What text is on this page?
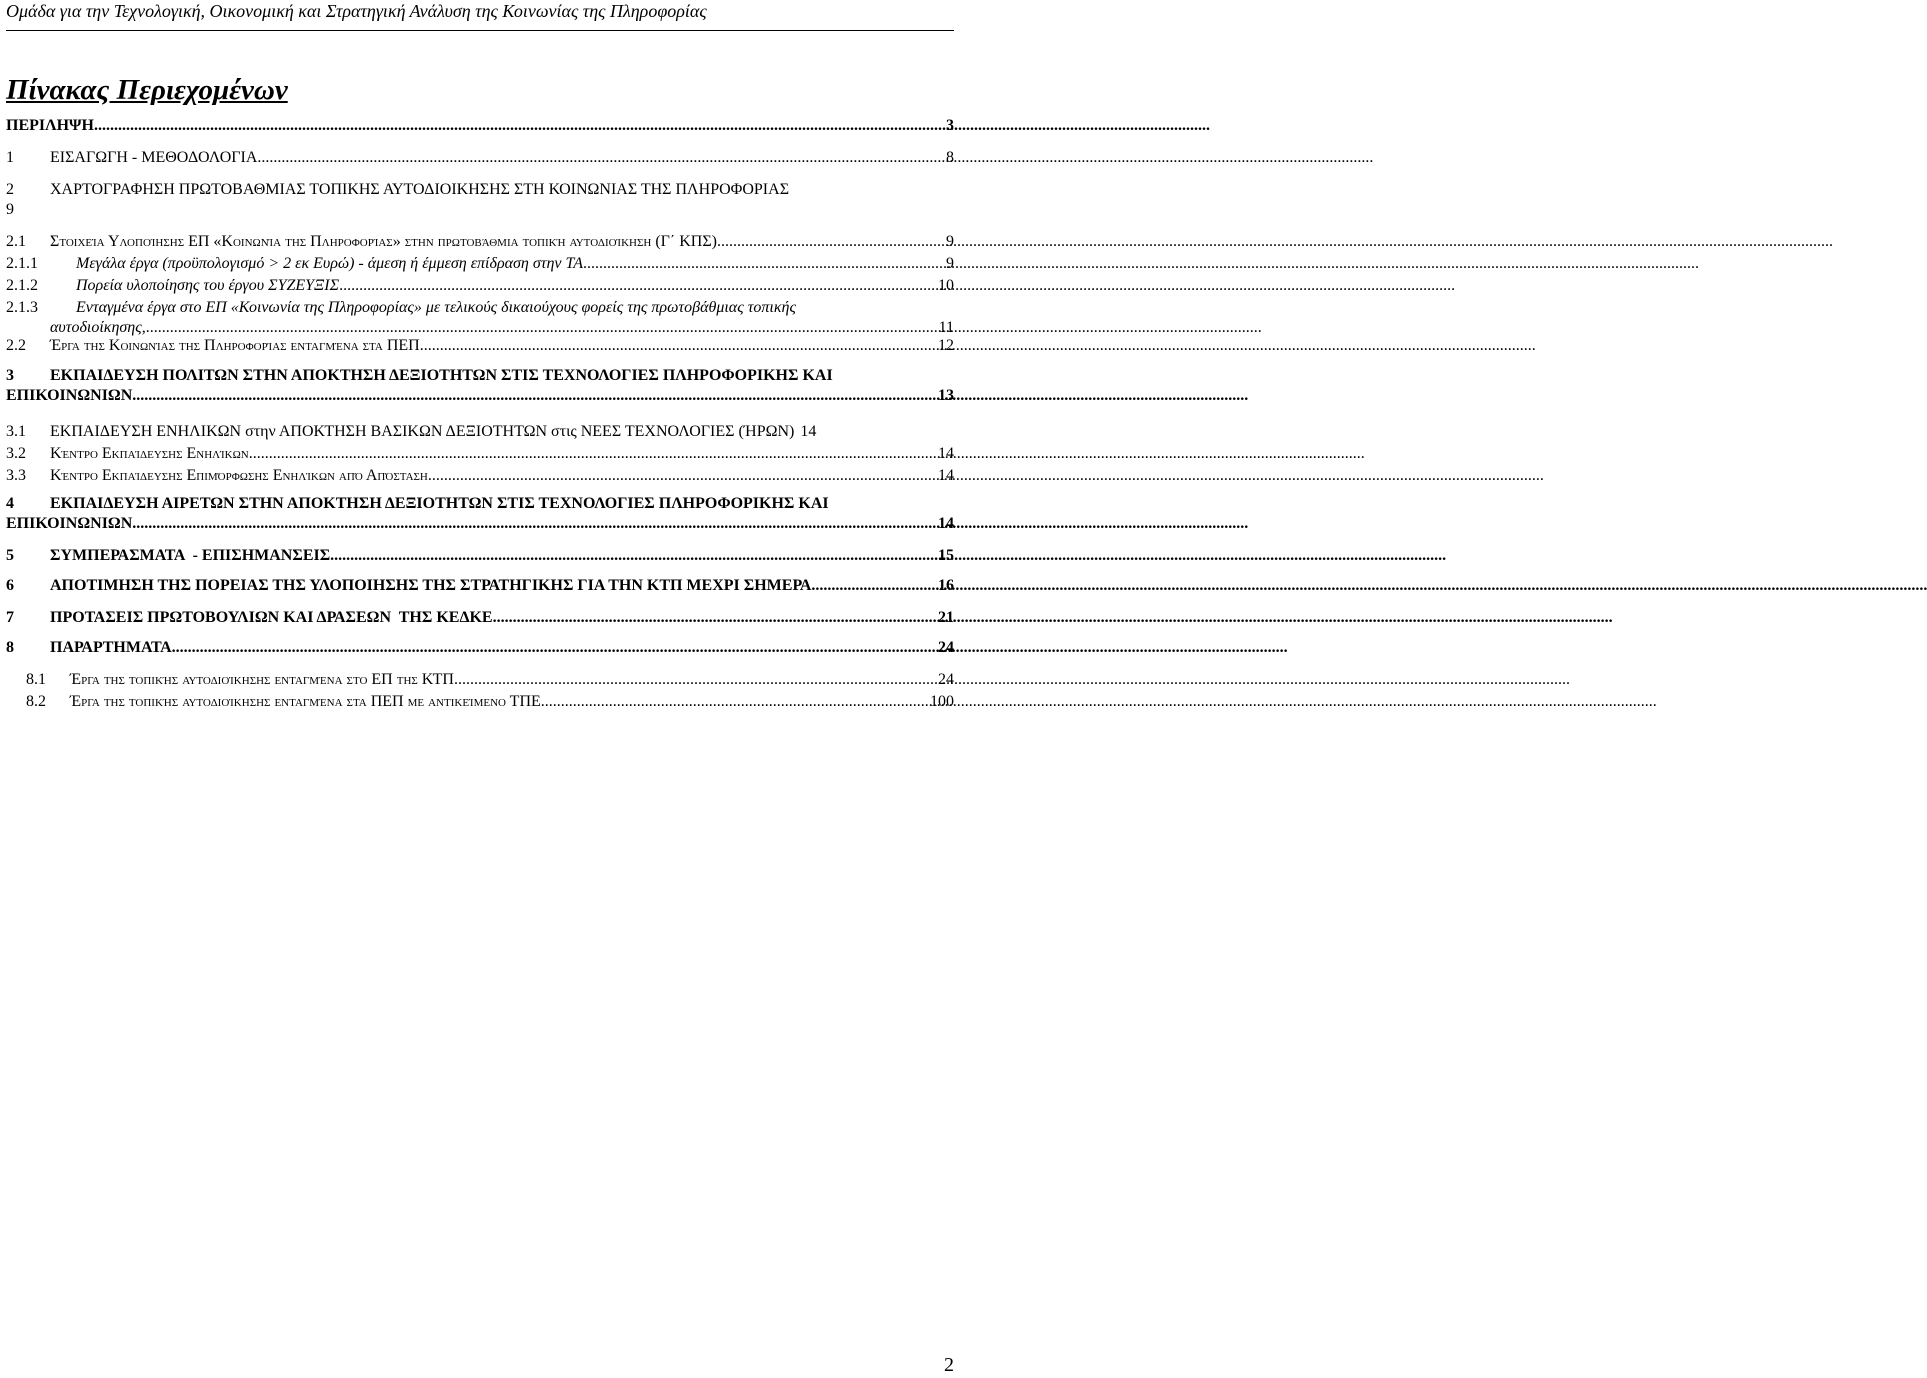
Ομάδα για την Τεχνολογική, Οικονομική και Στρατηγική Ανάλυση της Κοινωνίας της Πληροφορίας
Πίνακας Περιεχομένων
ΠΕΡΙΛΗΨΗ .....	3
1	ΕΙΣΑΓΩΓΗ - ΜΕΘΟΔΟΛΟΓΙΑ .....	8
2	ΧΑΡΤΟΓΡΑΦΗΣΗ ΠΡΩΤΟΒΑΘΜΙΑΣ ΤΟΠΙΚΗΣ ΑΥΤΟΔΙΟΙΚΗΣΗΣ ΣΤΗ ΚΟΙΝΩΝΙΑΣ ΤΗΣ ΠΛΗΡΟΦΟΡΙΑΣ
9
2.1	Στοιχεία Υλοποίησης ΕΠ «Κοινωνία της Πληροφορίας» στην πρωτοβάθμια τοπική αυτοδιοίκηση (Γ΄ ΚΠΣ) .....	9
2.1.1	Μεγάλα έργα (προϋπολογισμό > 2 εκ Ευρώ) - άμεση ή έμμεση επίδραση στην ΤΑ .....	9
2.1.2	Πορεία υλοποίησης του έργου ΣΥΖΕΥΞΙΣ .....	10
2.1.3	Ενταγμένα έργα στο ΕΠ «Κοινωνία της Πληροφορίας» με τελικούς δικαιούχους φορείς της πρωτοβάθμιας τοπικής
αυτοδιοίκησης, .....	11
2.2	Έργα της Κοινωνίας της Πληροφορίας ενταγμένα στα ΠΕΠ .....	12
3	ΕΚΠΑΙΔΕΥΣΗ ΠΟΛΙΤΩΝ ΣΤΗΝ ΑΠΟΚΤΗΣΗ ΔΕΞΙΟΤΗΤΩΝ ΣΤΙΣ ΤΕΧΝΟΛΟΓΙΕΣ ΠΛΗΡΟΦΟΡΙΚΗΣ ΚΑΙ
ΕΠΙΚΟΙΝΩΝΙΩΝ .....	13
3.1	ΕΚΠΑΙΔΕΥΣΗ ΕΝΗΛΙΚΩΝ στην ΑΠΟΚΤΗΣΗ ΒΑΣΙΚΩΝ ΔΕΞΙΟΤΗΤΩΝ στις ΝΕΕΣ ΤΕΧΝΟΛΟΓΙΕΣ (ΉΡΩΝ) 14
3.2	Κέντρο Εκπαίδευσης Ενηλίκων .....	14
3.3	Κέντρο Εκπαίδευσης Επιμόρφωσης Ενηλίκων από Απόσταση .....	14
4	ΕΚΠΑΙΔΕΥΣΗ ΑΙΡΕΤΩΝ ΣΤΗΝ ΑΠΟΚΤΗΣΗ ΔΕΞΙΟΤΗΤΩΝ ΣΤΙΣ ΤΕΧΝΟΛΟΓΙΕΣ ΠΛΗΡΟΦΟΡΙΚΗΣ ΚΑΙ
ΕΠΙΚΟΙΝΩΝΙΩΝ .....	14
5	ΣΥΜΠΕΡΑΣΜΑΤΑ  - ΕΠΙΣΗΜΑΝΣΕΙΣ .....	15
6	ΑΠΟΤΙΜΗΣΗ ΤΗΣ ΠΟΡΕΙΑΣ ΤΗΣ ΥΛΟΠΟΙΗΣΗΣ ΤΗΣ ΣΤΡΑΤΗΓΙΚΗΣ ΓΙΑ ΤΗΝ ΚΤΠ ΜΕΧΡΙ ΣΗΜΕΡΑ .....	16
7	ΠΡΟΤΑΣΕΙΣ ΠΡΩΤΟΒΟΥΛΙΩΝ ΚΑΙ ΔΡΑΣΕΩΝ  ΤΗΣ ΚΕΔΚΕ. .....	21
8	ΠΑΡΑΡΤΗΜΑΤΑ .....	24
8.1	Έργα της τοπικής αυτοδιοίκησης ενταγμένα στο ΕΠ της ΚΤΠ .....	24
8.2	Έργα της τοπικής αυτοδιοίκησης ενταγμένα στα ΠΕΠ με αντικείμενο ΤΠΕ .....	100
2
